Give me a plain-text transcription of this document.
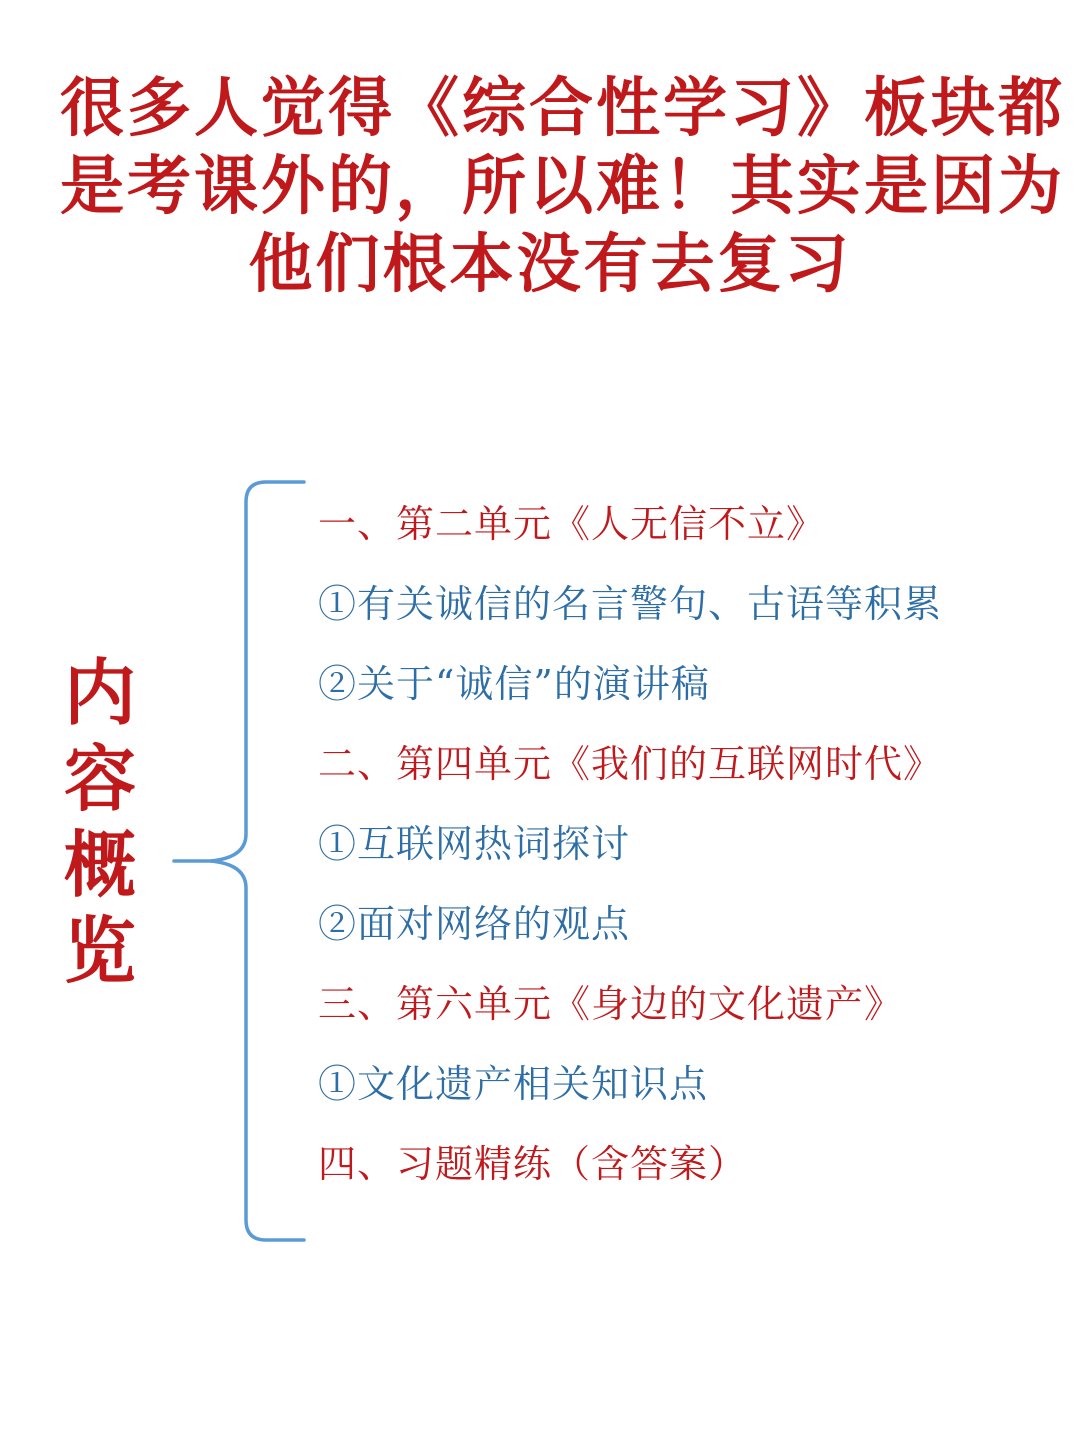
很多人觉得《综合性学习》板块都
是考课外的，所以难！其实是因为
他们根本没有去复习
内容概览
一、第二单元《人无信不立》
①有关诚信的名言警句、古语等积累
②关于“诚信”的演讲稿
二、第四单元《我们的互联网时代》
①互联网热词探讨
②面对网络的观点
三、第六单元《身边的文化遗产》
①文化遗产相关知识点
四、习题精练（含答案）
